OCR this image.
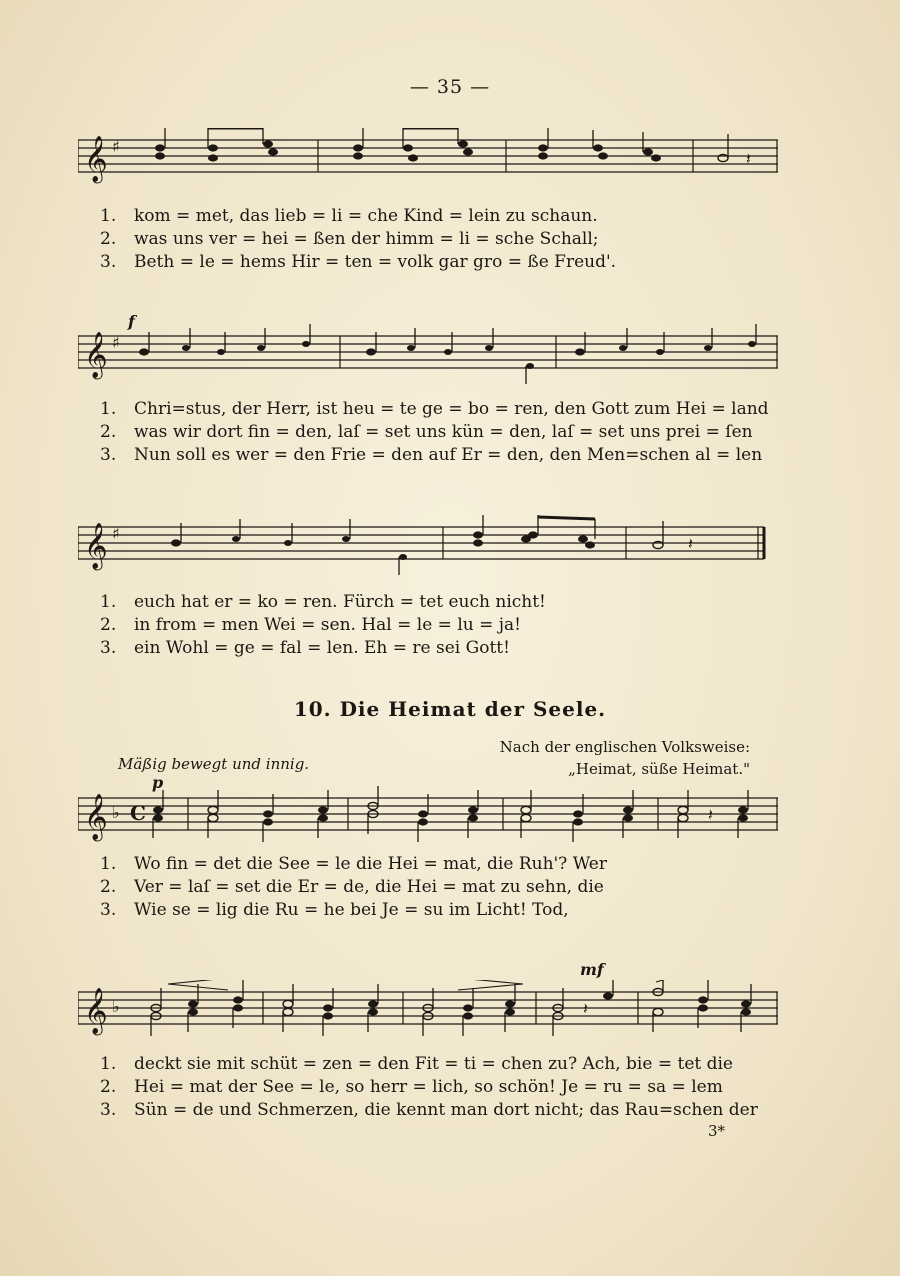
— 35 —
𝄞 ♯
𝄽
1. kom = met, das lieb = li = che Kind = lein zu schaun.
2. was uns ver = hei = ßen der himm = li = sche Schall;
3. Beth = le = hems Hir = ten = volk gar gro = ße Freud'.
f
𝄞 ♯
1. Chri=stus, der Herr, ist heu = te ge = bo = ren, den Gott zum Hei = land
2. was wir dort fin = den, laſ = set uns kün = den, laſ = set uns prei = ſen
3. Nun soll es wer = den Frie = den auf Er = den, den Men=schen al = len
𝄞 ♯
𝄽
1. euch hat er = ko = ren. Fürch = tet euch nicht!
2. in from = men Wei = sen. Hal = le = lu = ja!
3. ein Wohl = ge = fal = len. Eh = re sei Gott!
10. Die Heimat der Seele.
Nach der englischen Volksweise:
„Heimat, süße Heimat."
Mäßig bewegt und innig.
p
𝄞 ♭ C	𝄽
1. Wo fin = det die See = le die Hei = mat, die Ruh'? Wer
2. Ver = laſ = set die Er = de, die Hei = mat zu sehn, die
3. Wie se = lig die Ru = he bei Je = su im Licht! Tod,
mf
𝄞 ♭	𝄽
1. deckt sie mit schüt = zen = den Fit = ti = chen zu? Ach, bie = tet die
2. Hei = mat der See = le, so herr = lich, so schön! Je = ru = sa = lem
3. Sün = de und Schmerzen, die kennt man dort nicht; das Rau=schen der
3*
